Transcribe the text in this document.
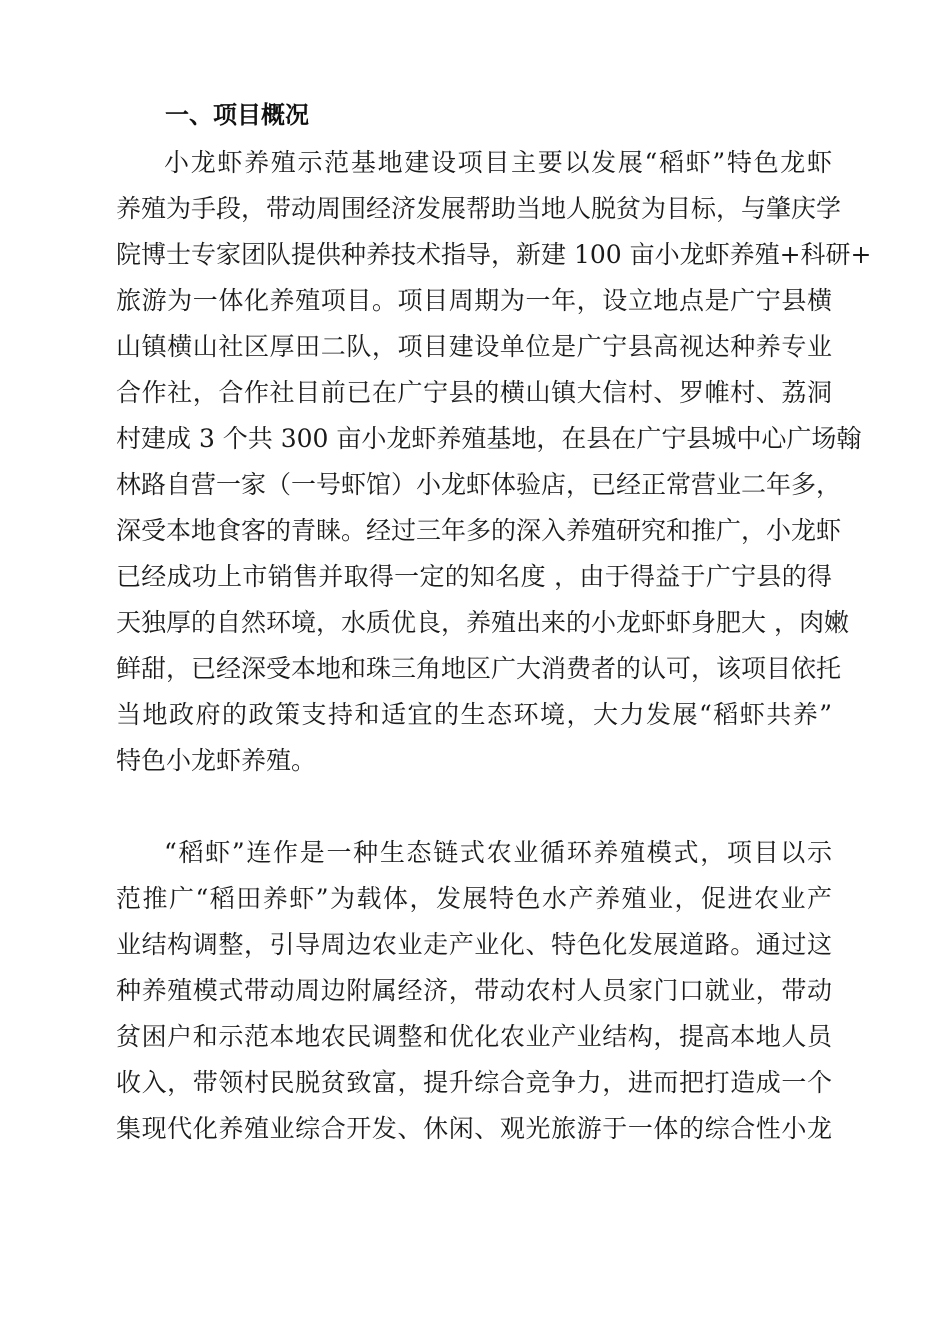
一、项目概况
小龙虾养殖示范基地建设项目主要以发展“稻虾”特色龙虾
养殖为手段，带动周围经济发展帮助当地人脱贫为目标，与肇庆学
院博士专家团队提供种养技术指导，新建 100 亩小龙虾养殖+科研+
旅游为一体化养殖项目。项目周期为一年，设立地点是广宁县横
山镇横山社区厚田二队，项目建设单位是广宁县高视达种养专业
合作社，合作社目前已在广宁县的横山镇大信村、罗帷村、荔洞
村建成 3 个共 300 亩小龙虾养殖基地，在县在广宁县城中心广场翰
林路自营一家（一号虾馆）小龙虾体验店，已经正常营业二年多，
深受本地食客的青睐。经过三年多的深入养殖研究和推广，小龙虾
已经成功上市销售并取得一定的知名度 ，由于得益于广宁县的得
天独厚的自然环境，水质优良，养殖出来的小龙虾虾身肥大 ，肉嫩
鲜甜，已经深受本地和珠三角地区广大消费者的认可，该项目依托
当地政府的政策支持和适宜的生态环境，大力发展“稻虾共养”
特色小龙虾养殖。
“稻虾”连作是一种生态链式农业循环养殖模式，项目以示
范推广“稻田养虾”为载体，发展特色水产养殖业，促进农业产
业结构调整，引导周边农业走产业化、特色化发展道路。通过这
种养殖模式带动周边附属经济，带动农村人员家门口就业，带动
贫困户和示范本地农民调整和优化农业产业结构，提高本地人员
收入，带领村民脱贫致富，提升综合竞争力，进而把打造成一个
集现代化养殖业综合开发、休闲、观光旅游于一体的综合性小龙
